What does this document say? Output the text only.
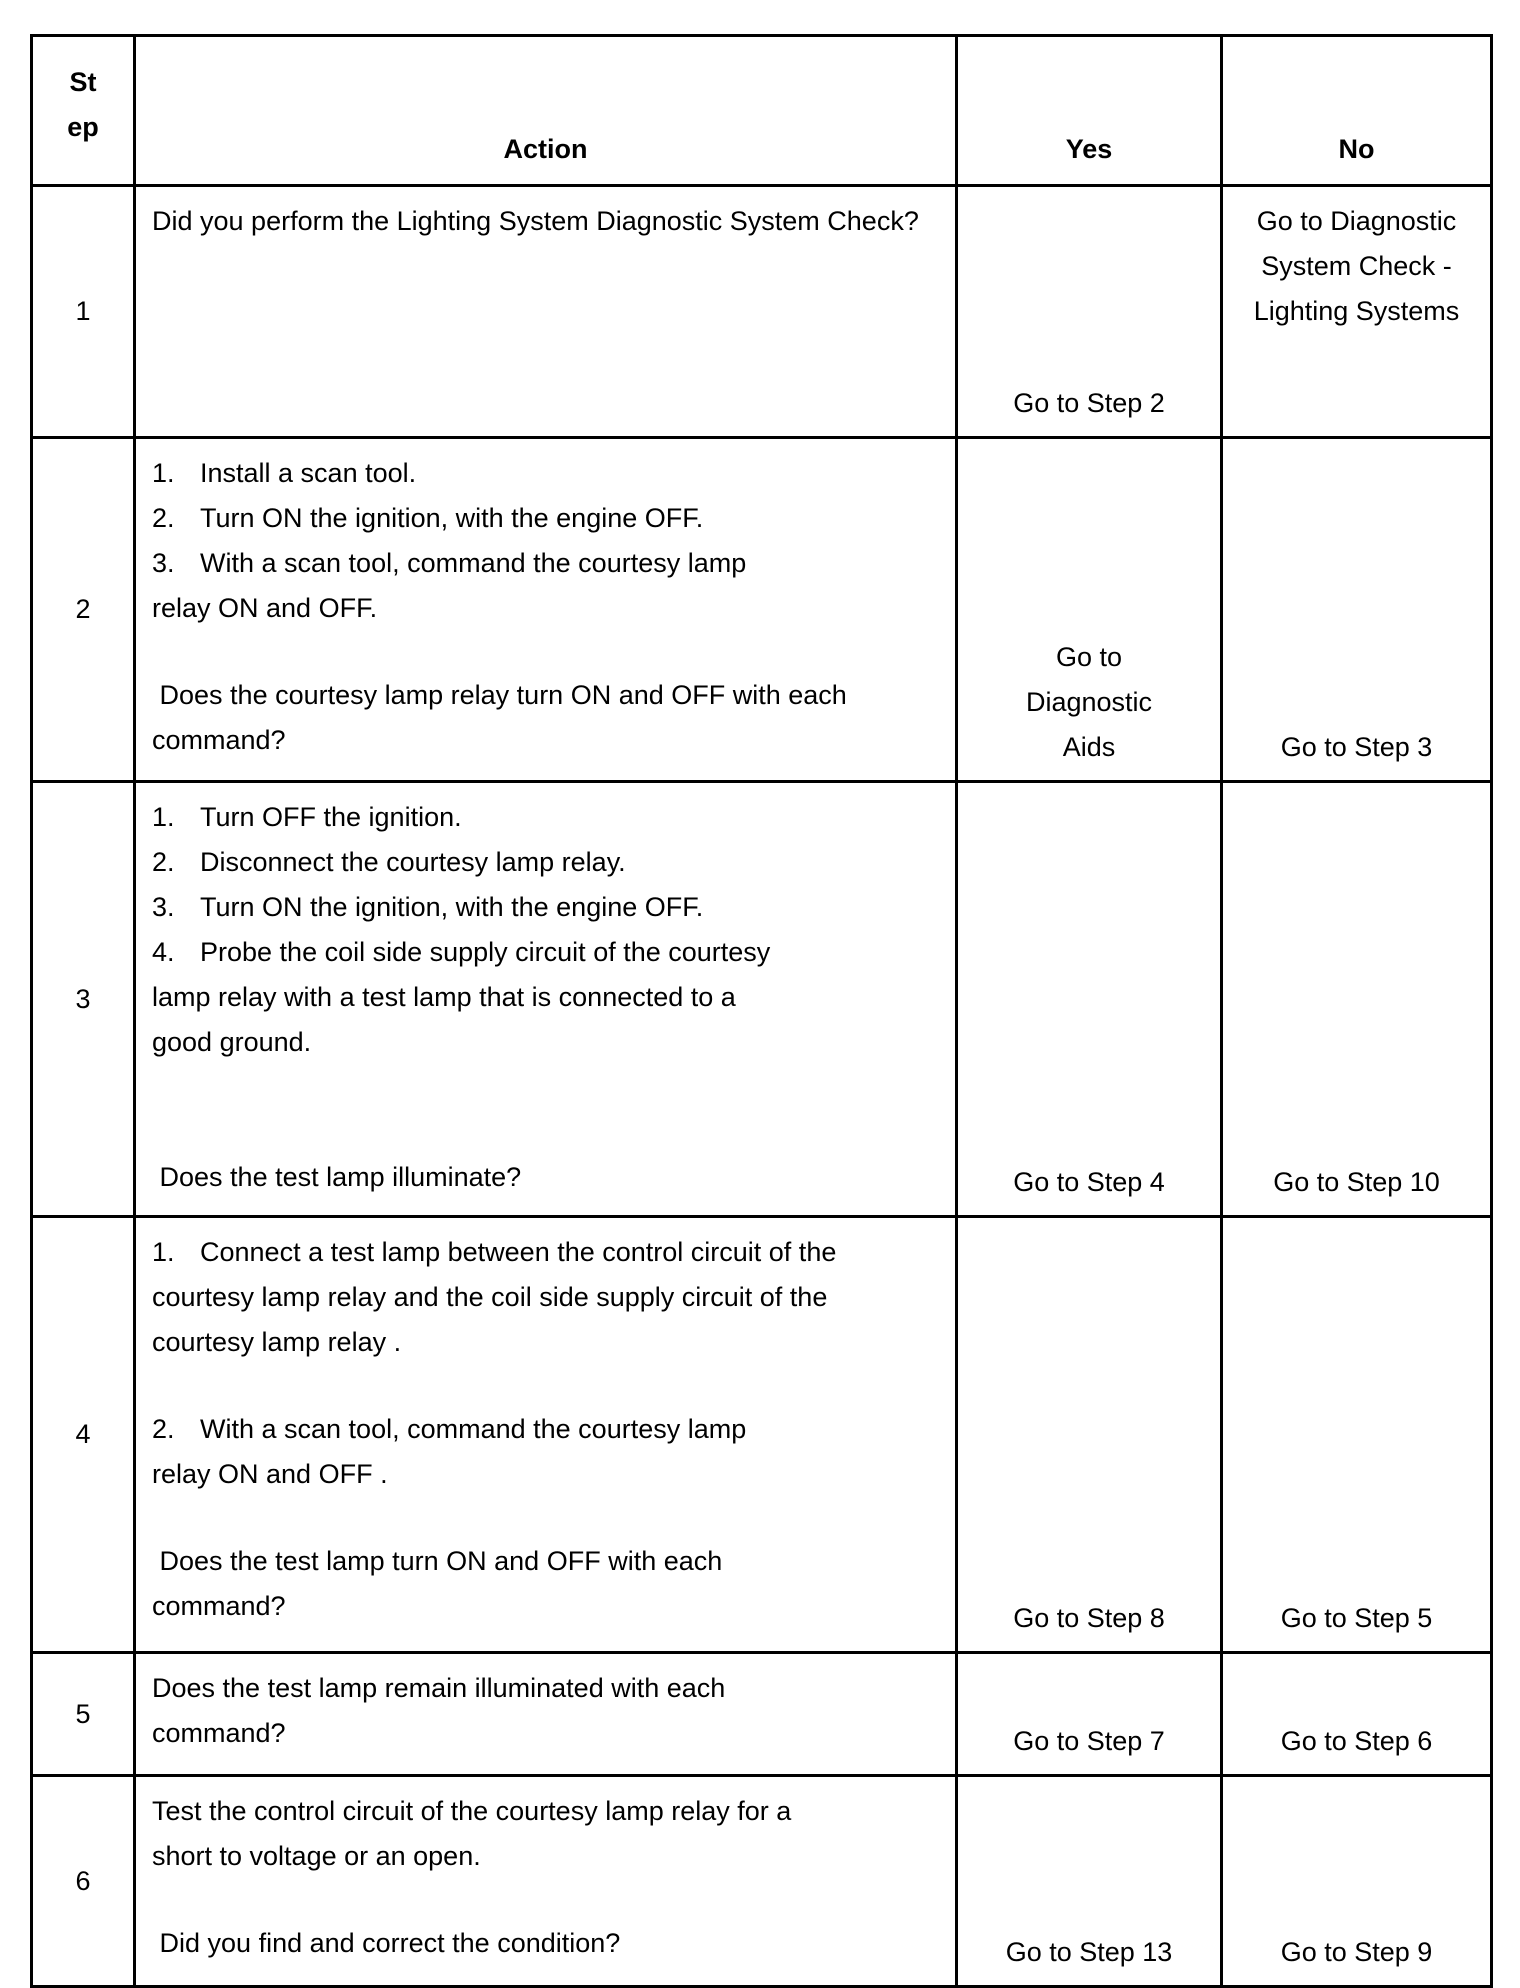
St
ep	Action	Yes	No
1	Did you perform the Lighting System Diagnostic System Check?	Go to Step 2	Go to Diagnostic System Check - Lighting Systems

2	1. Install a scan tool.
2. Turn ON the ignition, with the engine OFF.
3. With a scan tool, command the courtesy lamp relay ON and OFF.
Does the courtesy lamp relay turn ON and OFF with each command?	Go to Diagnostic Aids	Go to Step 3
3	1. Turn OFF the ignition.
2. Disconnect the courtesy lamp relay.
3. Turn ON the ignition, with the engine OFF.
4. Probe the coil side supply circuit of the courtesy lamp relay with a test lamp that is connected to a good ground.
Does the test lamp illuminate?	Go to Step 4	Go to Step 10
4	1. Connect a test lamp between the control circuit of the courtesy lamp relay and the coil side supply circuit of the courtesy lamp relay .
2. With a scan tool, command the courtesy lamp relay ON and OFF .
Does the test lamp turn ON and OFF with each command?	Go to Step 8	Go to Step 5
5	Does the test lamp remain illuminated with each command?	Go to Step 7	Go to Step 6
6	Test the control circuit of the courtesy lamp relay for a short to voltage or an open.
Did you find and correct the condition?	Go to Step 13	Go to Step 9
